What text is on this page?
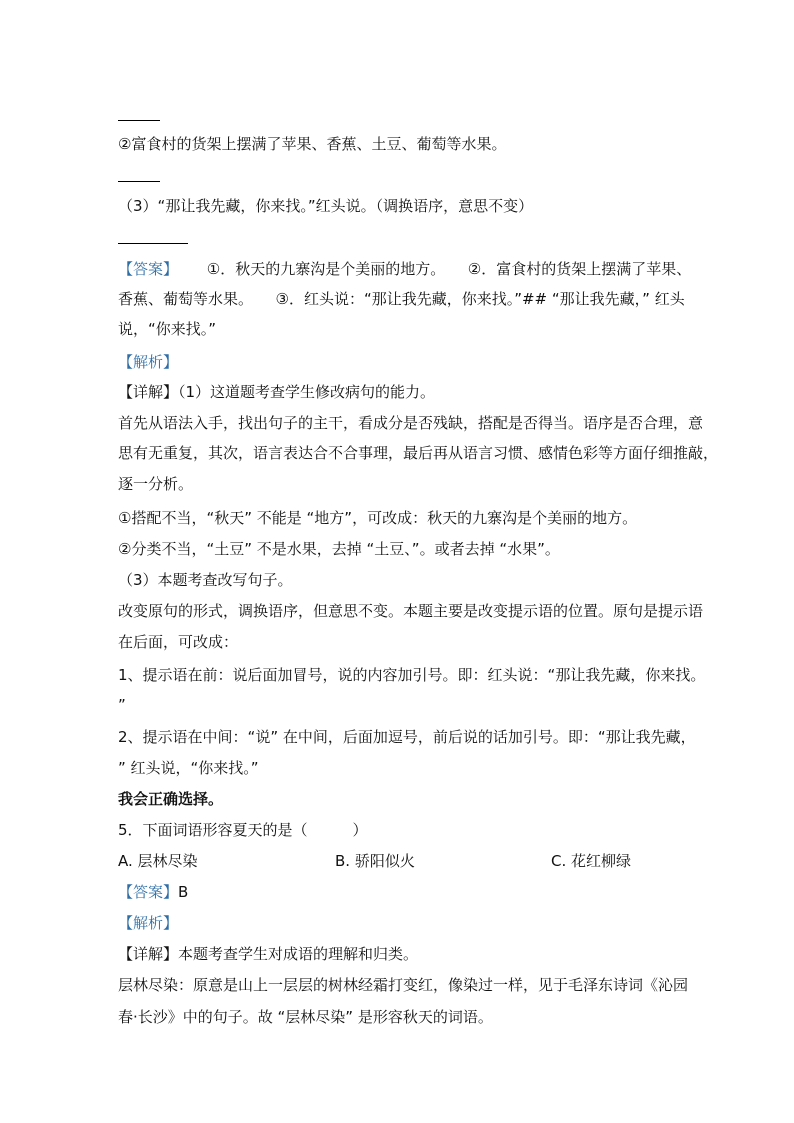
②富食村的货架上摆满了苹果、香蕉、土豆、葡萄等水果。
（3）“那让我先藏，你来找。”红头说。（调换语序，意思不变）
【答案】 ①．秋天的九寨沟是个美丽的地方。　　②．富食村的货架上摆满了苹果、
香蕉、葡萄等水果。　　③．红头说：“那让我先藏，你来找。”## “那让我先藏，” 红头
说，“你来找。”
【解析】
【详解】（1）这道题考查学生修改病句的能力。
首先从语法入手，找出句子的主干，看成分是否残缺，搭配是否得当。语序是否合理，意
思有无重复，其次，语言表达合不合事理，最后再从语言习惯、感情色彩等方面仔细推敲，
逐一分析。
①搭配不当，“秋天” 不能是 “地方”，可改成：秋天的九寨沟是个美丽的地方。
②分类不当，“土豆” 不是水果，去掉 “土豆、”。或者去掉 “水果”。
（3）本题考查改写句子。
改变原句的形式，调换语序，但意思不变。本题主要是改变提示语的位置。原句是提示语
在后面，可改成：
1、提示语在前：说后面加冒号，说的内容加引号。即：红头说：“那让我先藏，你来找。
”
2、提示语在中间：“说” 在中间，后面加逗号，前后说的话加引号。即：“那让我先藏，
” 红头说，“你来找。”
我会正确选择。
5．下面词语形容夏天的是（　　　）
A. 层林尽染	B. 骄阳似火	C. 花红柳绿
【答案】B
【解析】
【详解】本题考查学生对成语的理解和归类。
层林尽染：原意是山上一层层的树林经霜打变红，像染过一样，见于毛泽东诗词《沁园
春·长沙》中的句子。故 “层林尽染” 是形容秋天的词语。
